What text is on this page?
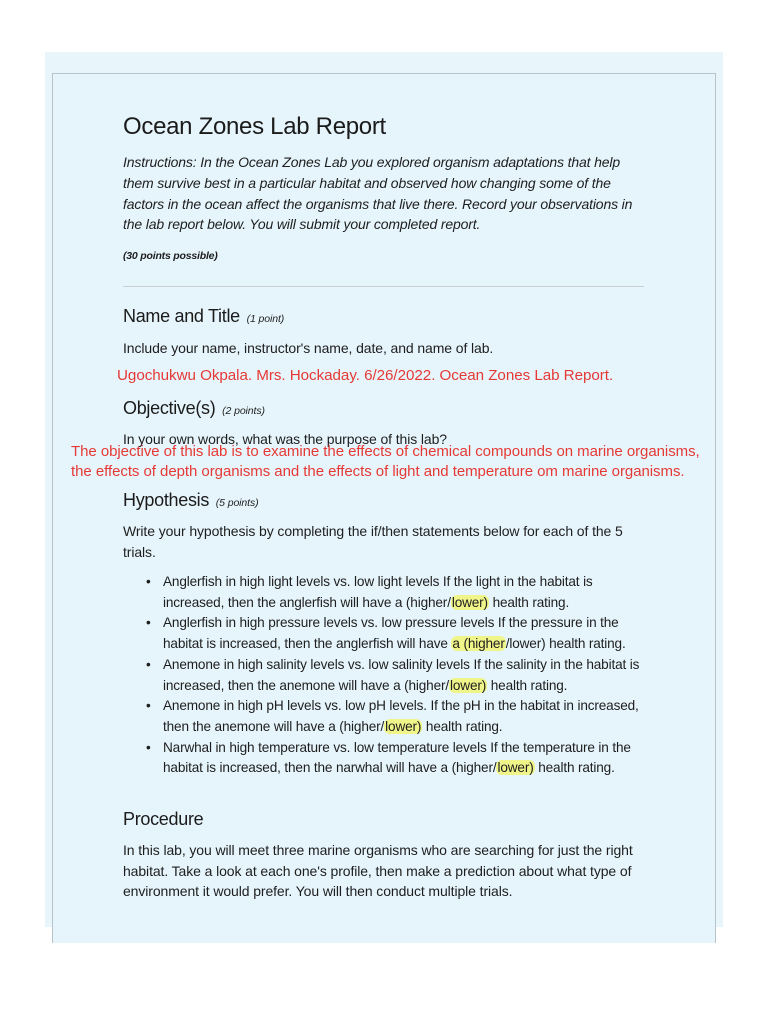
Ocean Zones Lab Report
Instructions: In the Ocean Zones Lab you explored organism adaptations that help them survive best in a particular habitat and observed how changing some of the factors in the ocean affect the organisms that live there. Record your observations in the lab report below. You will submit your completed report.
(30 points possible)
Name and Title (1 point)
Include your name, instructor's name, date, and name of lab.
Ugochukwu Okpala. Mrs. Hockaday. 6/26/2022. Ocean Zones Lab Report.
Objective(s) (2 points)
In your own words, what was the purpose of this lab?
Hypothesis (5 points)
The objective of this lab is to examine the effects of chemical compounds on marine organisms, the effects of depth organisms and the effects of light and temperature om marine organisms.
Write your hypothesis by completing the if/then statements below for each of the 5 trials.
• Anglerfish in high light levels vs. low light levels If the light in the habitat is increased, then the anglerfish will have a (higher/lower) health rating.
• Anglerfish in high pressure levels vs. low pressure levels If the pressure in the habitat is increased, then the anglerfish will have a (higher/lower) health rating.
• Anemone in high salinity levels vs. low salinity levels If the salinity in the habitat is increased, then the anemone will have a (higher/lower) health rating.
• Anemone in high pH levels vs. low pH levels. If the pH in the habitat in increased, then the anemone will have a (higher/lower) health rating.
• Narwhal in high temperature vs. low temperature levels If the temperature in the habitat is increased, then the narwhal will have a (higher/lower) health rating.
Procedure
In this lab, you will meet three marine organisms who are searching for just the right habitat. Take a look at each one's profile, then make a prediction about what type of environment it would prefer. You will then conduct multiple trials.
